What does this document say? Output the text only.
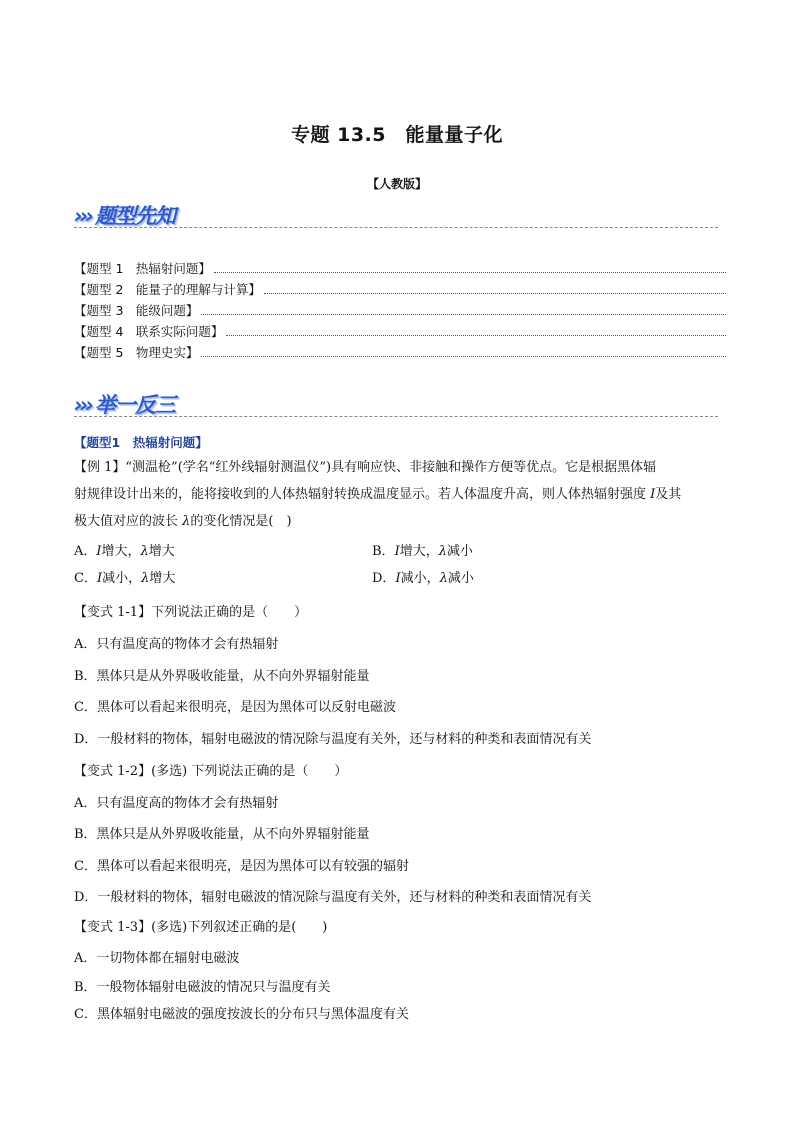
专题 13.5　能量量子化
【人教版】
››› 题型先知
【题型 1　热辐射问题】
【题型 2　能量子的理解与计算】
【题型 3　能级问题】
【题型 4　联系实际问题】
【题型 5　物理史实】
››› 举一反三
【题型1　热辐射问题】
【例 1】“测温枪”(学名“红外线辐射测温仪”)具有响应快、非接触和操作方便等优点。它是根据黑体辐
射规律设计出来的，能将接收到的人体热辐射转换成温度显示。若人体温度升高，则人体热辐射强度 I及其
极大值对应的波长 λ的变化情况是(　)
A．I增大，λ增大	B．I增大，λ减小
C．I减小，λ增大	D．I减小，λ减小
【变式 1-1】下列说法正确的是（　　）
A．只有温度高的物体才会有热辐射
B．黑体只是从外界吸收能量，从不向外界辐射能量
C．黑体可以看起来很明亮，是因为黑体可以反射电磁波
D．一般材料的物体，辐射电磁波的情况除与温度有关外，还与材料的种类和表面情况有关
【变式 1-2】(多选) 下列说法正确的是（　　）
A．只有温度高的物体才会有热辐射
B．黑体只是从外界吸收能量，从不向外界辐射能量
C．黑体可以看起来很明亮，是因为黑体可以有较强的辐射
D．一般材料的物体，辐射电磁波的情况除与温度有关外，还与材料的种类和表面情况有关
【变式 1-3】(多选)下列叙述正确的是(　　)
A．一切物体都在辐射电磁波
B．一般物体辐射电磁波的情况只与温度有关
C．黑体辐射电磁波的强度按波长的分布只与黑体温度有关
